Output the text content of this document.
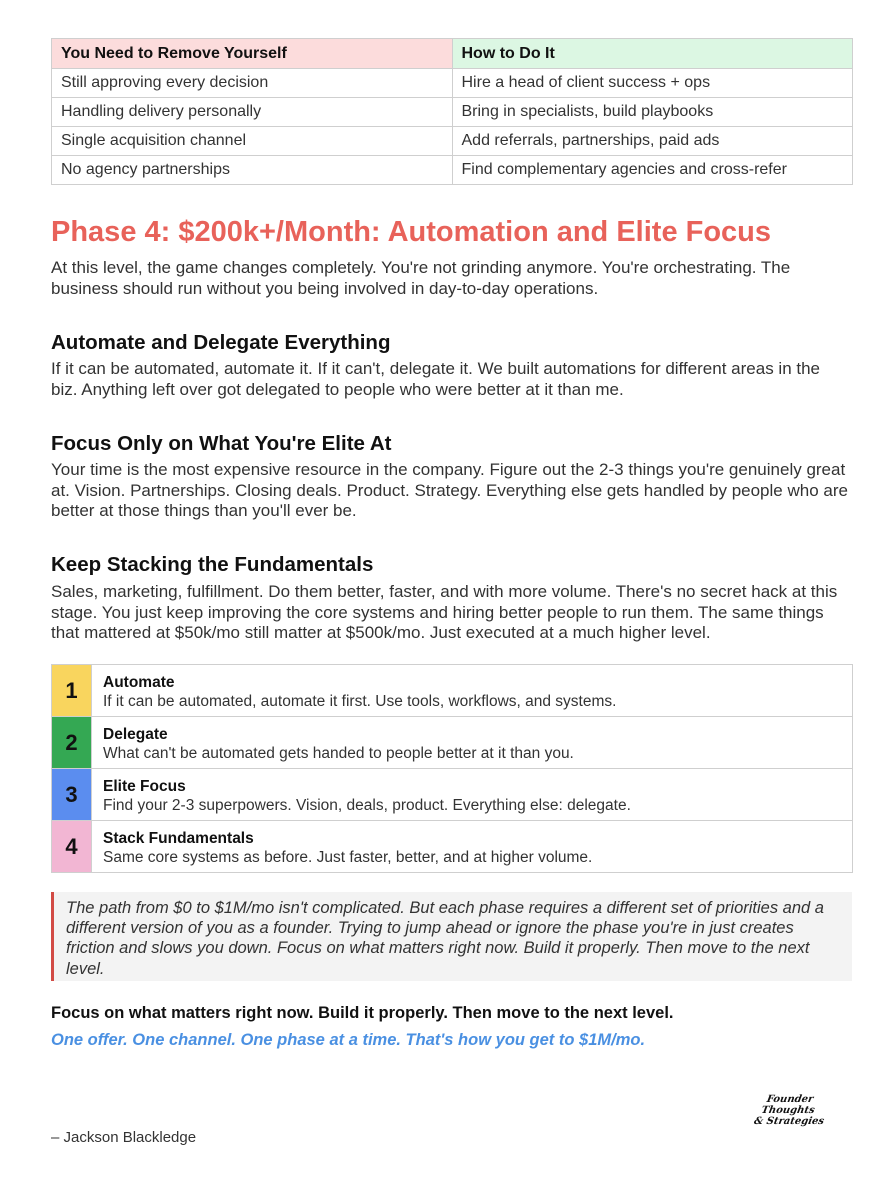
You Need to Remove Yourself	How to Do It
Still approving every decision	Hire a head of client success + ops
Handling delivery personally	Bring in specialists, build playbooks
Single acquisition channel	Add referrals, partnerships, paid ads
No agency partnerships	Find complementary agencies and cross-refer
Phase 4: $200k+/Month: Automation and Elite Focus

At this level, the game changes completely. You're not grinding anymore. You're orchestrating. The business should run without you being involved in day-to-day operations.

Automate and Delegate Everything

If it can be automated, automate it. If it can't, delegate it. We built automations for different areas in the biz. Anything left over got delegated to people who were better at it than me.

Focus Only on What You're Elite At

Your time is the most expensive resource in the company. Figure out the 2-3 things you're genuinely great at. Vision. Partnerships. Closing deals. Product. Strategy. Everything else gets handled by people who are better at those things than you'll ever be.

Keep Stacking the Fundamentals

Sales, marketing, fulfillment. Do them better, faster, and with more volume. There's no secret hack at this stage. You just keep improving the core systems and hiring better people to run them. The same things that mattered at $50k/mo still matter at $500k/mo. Just executed at a much higher level.

1	Automate
If it can be automated, automate it first. Use tools, workflows, and systems.
2	Delegate
What can't be automated gets handed to people better at it than you.
3	Elite Focus
Find your 2-3 superpowers. Vision, deals, product. Everything else: delegate.
4	Stack Fundamentals
Same core systems as before. Just faster, better, and at higher volume.

The path from $0 to $1M/mo isn't complicated. But each phase requires a different set of priorities and a different version of you as a founder. Trying to jump ahead or ignore the phase you're in just creates friction and slows you down. Focus on what matters right now. Build it properly. Then move to the next level.

Focus on what matters right now. Build it properly. Then move to the next level.

One offer. One channel. One phase at a time. That's how you get to $1M/mo.

Founder Thoughts
& Strategies

– Jackson Blackledge
